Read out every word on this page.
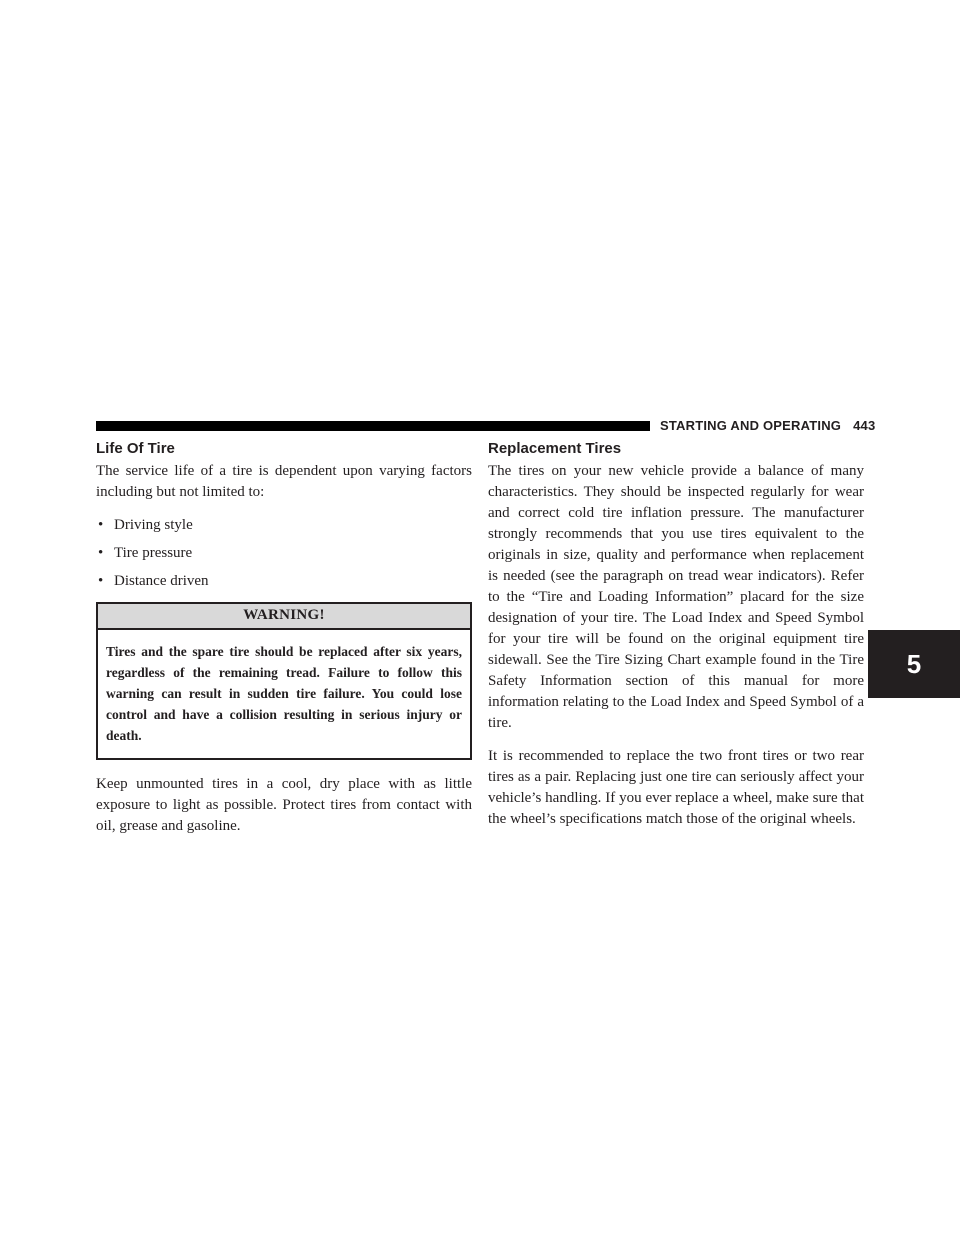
STARTING AND OPERATING 443
5
Life Of Tire

The service life of a tire is dependent upon varying factors including but not limited to:

• Driving style
• Tire pressure
• Distance driven
WARNING!
Tires and the spare tire should be replaced after six years, regardless of the remaining tread. Failure to follow this warning can result in sudden tire failure. You could lose control and have a collision resulting in serious injury or death.

Keep unmounted tires in a cool, dry place with as little exposure to light as possible. Protect tires from contact with oil, grease and gasoline.

Replacement Tires

The tires on your new vehicle provide a balance of many characteristics. They should be inspected regularly for wear and correct cold tire inflation pressure. The manufacturer strongly recommends that you use tires equivalent to the originals in size, quality and performance when replacement is needed (see the paragraph on tread wear indicators). Refer to the “Tire and Loading Information” placard for the size designation of your tire. The Load Index and Speed Symbol for your tire will be found on the original equipment tire sidewall. See the Tire Sizing Chart example found in the Tire Safety Information section of this manual for more information relating to the Load Index and Speed Symbol of a tire.

It is recommended to replace the two front tires or two rear tires as a pair. Replacing just one tire can seriously affect your vehicle’s handling. If you ever replace a wheel, make sure that the wheel’s specifications match those of the original wheels.
